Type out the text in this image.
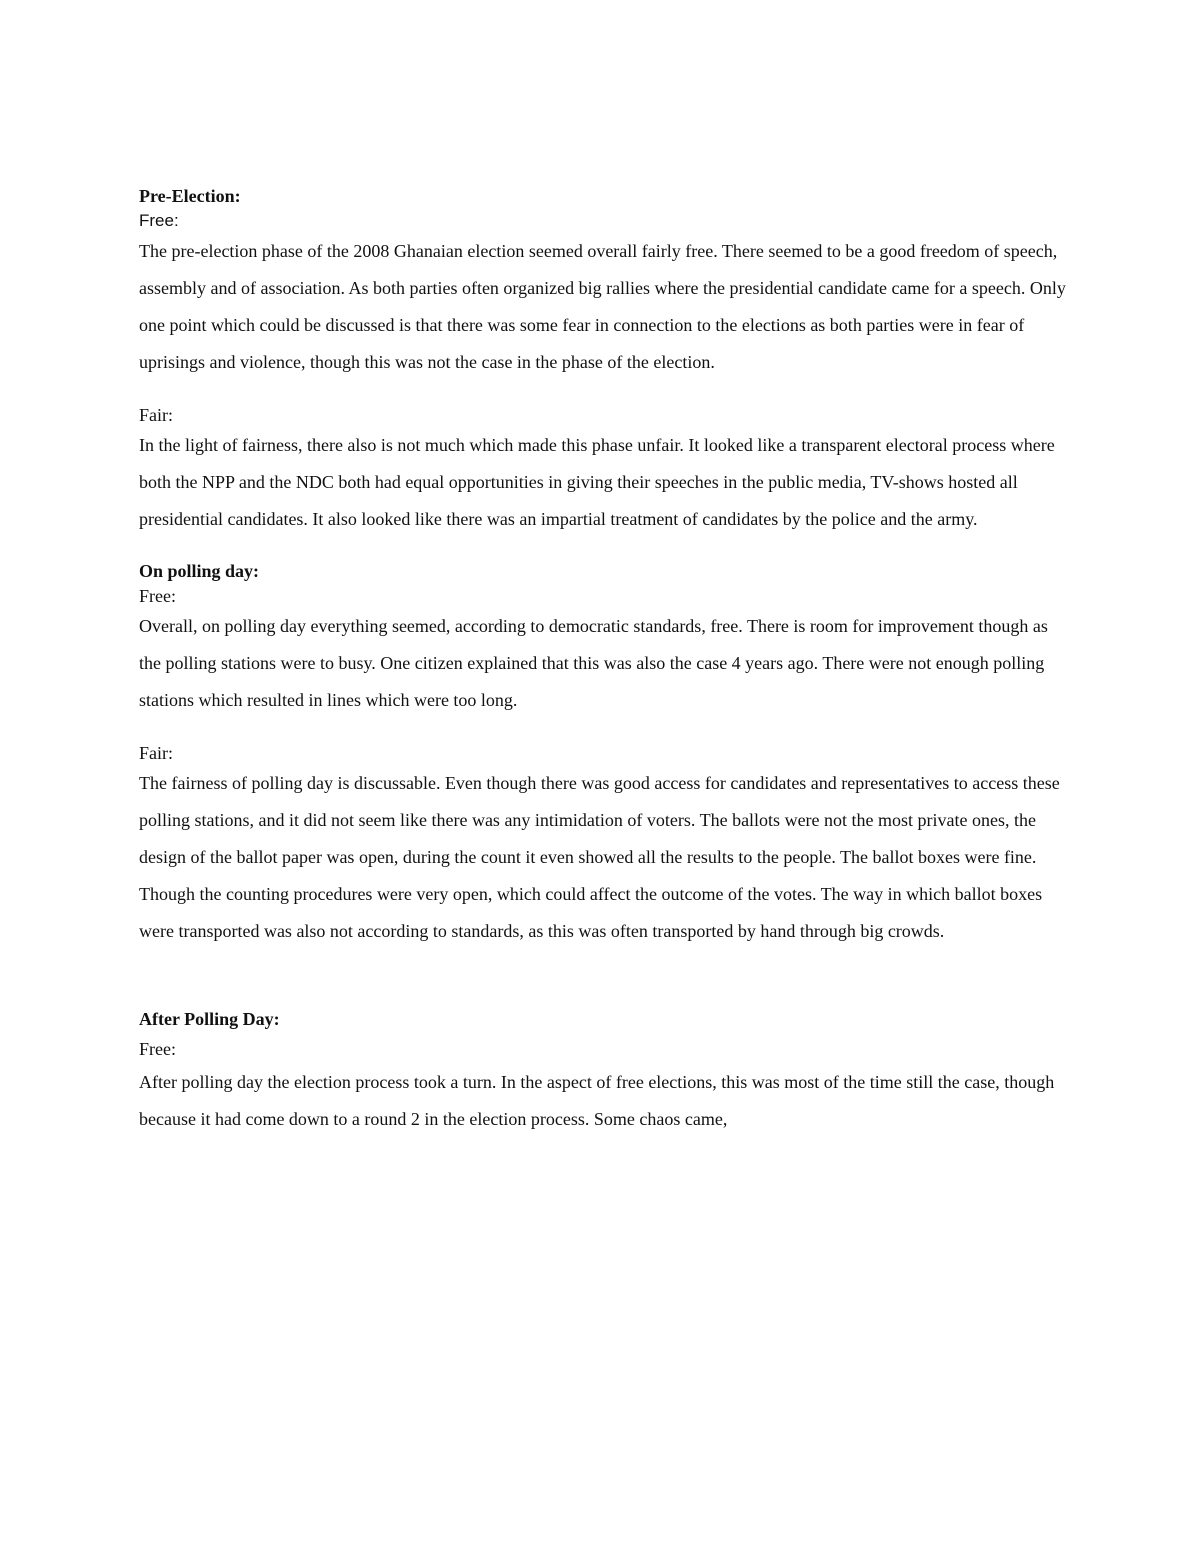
Pre-Election:

Free:

The pre-election phase of the 2008 Ghanaian election seemed overall fairly free. There seemed to be a good freedom of speech, assembly and of association. As both parties often organized big rallies where the presidential candidate came for a speech. Only one point which could be discussed is that there was some fear in connection to the elections as both parties were in fear of uprisings and violence, though this was not the case in the phase of the election.

Fair:

In the light of fairness, there also is not much which made this phase unfair. It looked like a transparent electoral process where both the NPP and the NDC both had equal opportunities in giving their speeches in the public media, TV-shows hosted all presidential candidates. It also looked like there was an impartial treatment of candidates by the police and the army.

On polling day:

Free:

Overall, on polling day everything seemed, according to democratic standards, free. There is room for improvement though as the polling stations were to busy. One citizen explained that this was also the case 4 years ago. There were not enough polling stations which resulted in lines which were too long.

Fair:

The fairness of polling day is discussable. Even though there was good access for candidates and representatives to access these polling stations, and it did not seem like there was any intimidation of voters. The ballots were not the most private ones, the design of the ballot paper was open, during the count it even showed all the results to the people. The ballot boxes were fine. Though the counting procedures were very open, which could affect the outcome of the votes. The way in which ballot boxes were transported was also not according to standards, as this was often transported by hand through big crowds.

After Polling Day:

Free:

After polling day the election process took a turn. In the aspect of free elections, this was most of the time still the case, though because it had come down to a round 2 in the election process. Some chaos came,
